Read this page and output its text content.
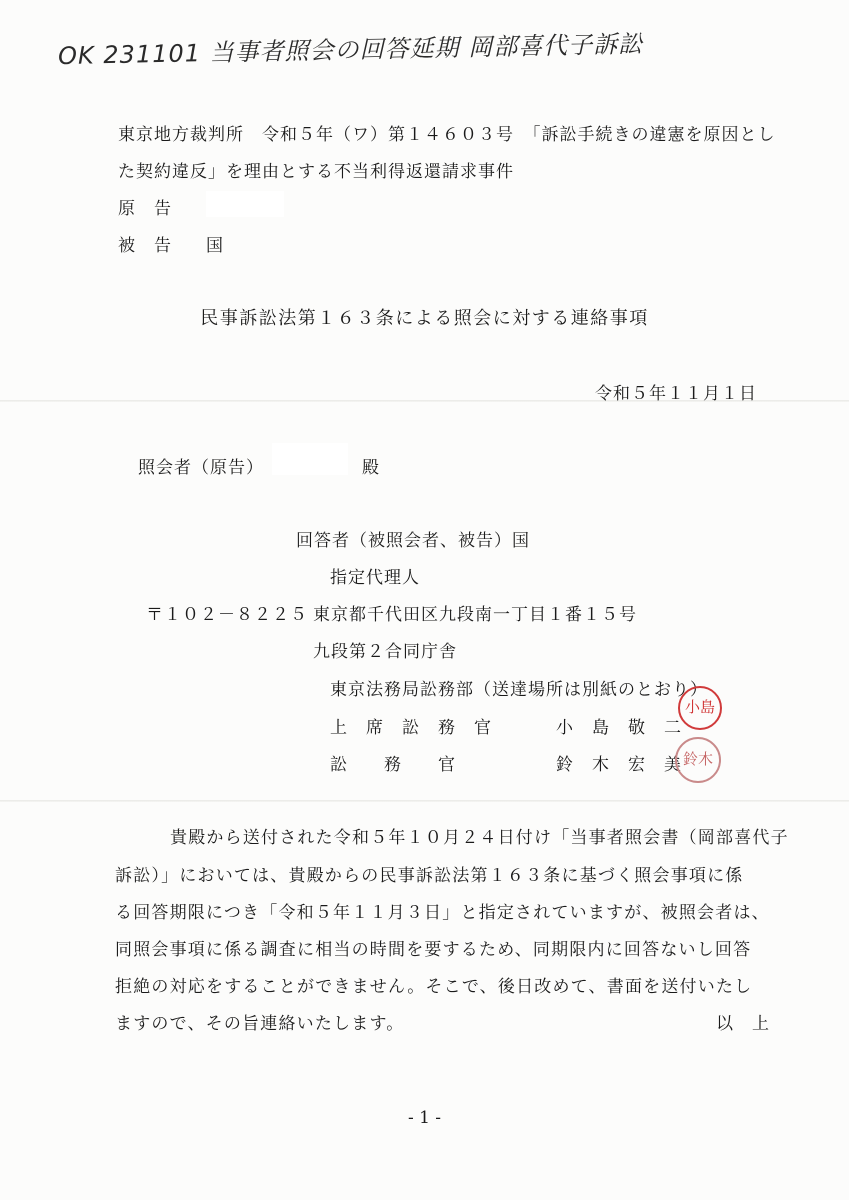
OK 231101 当事者照会の回答延期 岡部喜代子訴訟
東京地方裁判所　令和５年（ワ）第１４６０３号　「訴訟手続きの違憲を原因とし
た契約違反」を理由とする不当利得返還請求事件
原　告
被　告 国
民事訴訟法第１６３条による照会に対する連絡事項
令和５年１１月１日
照会者（原告）	殿
回答者（被照会者、被告）国
指定代理人
〒１０２－８２２５ 東京都千代田区九段南一丁目１番１５号
九段第２合同庁舎
東京法務局訟務部（送達場所は別紙のとおり）
上　席　訟　務　官	小　島　敬　二
訟　　務　　官	鈴　木　宏　美
小島
鈴木
貴殿から送付された令和５年１０月２４日付け「当事者照会書（岡部喜代子
訴訟）」においては、貴殿からの民事訴訟法第１６３条に基づく照会事項に係
る回答期限につき「令和５年１１月３日」と指定されていますが、被照会者は、
同照会事項に係る調査に相当の時間を要するため、同期限内に回答ないし回答
拒絶の対応をすることができません。そこで、後日改めて、書面を送付いたし
ますので、その旨連絡いたします。	以　上
- 1 -
